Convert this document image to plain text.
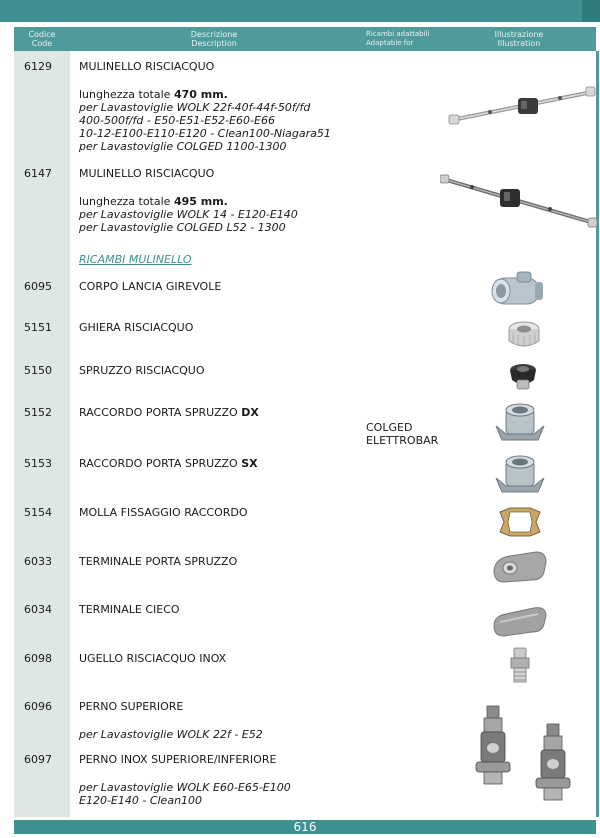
Codice
Code
Descrizione
Description
Ricambi adattabili
Adaptable for
Illustrazione
Illustration
6129 MULINELLO RISCIACQUO
lunghezza totale 470 mm.
per Lavastoviglie WOLK 22f-40f-44f-50f/fd
400-500f/fd - E50-E51-E52-E60-E66
10-12-E100-E110-E120 - Clean100-Niagara51
per Lavastoviglie COLGED 1100-1300
6147 MULINELLO RISCIACQUO
lunghezza totale 495 mm.
per Lavastoviglie WOLK 14 - E120-E140
per Lavastoviglie COLGED L52 - 1300
RICAMBI MULINELLO
6095 CORPO LANCIA GIREVOLE
5151 GHIERA RISCIACQUO
5150 SPRUZZO RISCIACQUO
5152 RACCORDO PORTA SPRUZZO DX
5153 RACCORDO PORTA SPRUZZO SX
5154 MOLLA FISSAGGIO RACCORDO
6033 TERMINALE PORTA SPRUZZO
6034 TERMINALE CIECO
6098 UGELLO RISCIACQUO INOX
6096 PERNO SUPERIORE
per Lavastoviglie WOLK 22f - E52
6097 PERNO INOX SUPERIORE/INFERIORE
per Lavastoviglie WOLK E60-E65-E100
E120-E140 - Clean100
COLGED
ELETTROBAR
616
